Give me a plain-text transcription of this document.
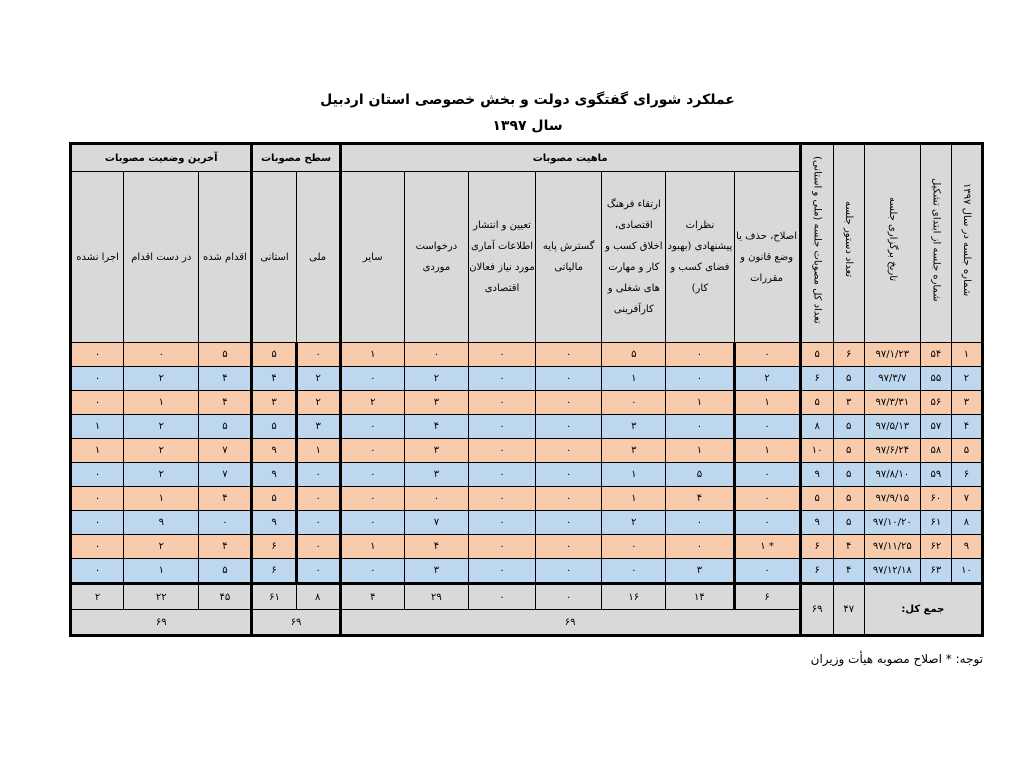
عملکرد شورای گفتگوی دولت و بخش خصوصی استان اردبیل
سال ۱۳۹۷
شماره جلسه در سال ۱۳۹۷	شماره جلسه از ابتدای تشکیل	تاریخ برگزاری جلسه	تعداد دستور جلسه	تعداد کل مصوبات جلسه (ملی و استانی)	ماهیت مصوبات							سطح مصوبات		آخرین وضعیت مصوبات		
					اصلاح، حذف یا وضع قانون و مقررات	نظرات پیشنهادی (بهبود فضای کسب و کار)	ارتقاء فرهنگ اقتصادی، اخلاق کسب و کار و مهارت های شغلی و کارآفرینی	گسترش پایه مالیاتی	تعیین و انتشار اطلاعات آماری مورد نیاز فعالان اقتصادی	درخواست موردی	سایر	ملی	استانی	اقدام شده	در دست اقدام	اجرا نشده
۱	۵۴	۹۷/۱/۲۳	۶	۵	۰	۰	۵	۰	۰	۰	۱	۰	۵	۵	۰	۰
۲	۵۵	۹۷/۳/۷	۵	۶	۲	۰	۱	۰	۰	۲	۰	۲	۴	۴	۲	۰
۳	۵۶	۹۷/۳/۳۱	۳	۵	۱	۱	۰	۰	۰	۳	۲	۲	۳	۴	۱	۰
۴	۵۷	۹۷/۵/۱۳	۵	۸	۰	۰	۳	۰	۰	۴	۰	۳	۵	۵	۲	۱
۵	۵۸	۹۷/۶/۲۴	۵	۱۰	۱	۱	۳	۰	۰	۳	۰	۱	۹	۷	۲	۱
۶	۵۹	۹۷/۸/۱۰	۵	۹	۰	۵	۱	۰	۰	۳	۰	۰	۹	۷	۲	۰
۷	۶۰	۹۷/۹/۱۵	۵	۵	۰	۴	۱	۰	۰	۰	۰	۰	۵	۴	۱	۰
۸	۶۱	۹۷/۱۰/۲۰	۵	۹	۰	۰	۲	۰	۰	۷	۰	۰	۹	۰	۹	۰
۹	۶۲	۹۷/۱۱/۲۵	۴	۶	* ۱	۰	۰	۰	۰	۴	۱	۰	۶	۴	۲	۰
۱۰	۶۳	۹۷/۱۲/۱۸	۴	۶	۰	۳	۰	۰	۰	۳	۰	۰	۶	۵	۱	۰
جمع کل:			۴۷	۶۹	۶	۱۴	۱۶	۰	۰	۲۹	۴	۸	۶۱	۴۵	۲۲	۲
					۶۹							۶۹		۶۹		
توجه: * اصلاح مصوبه هیأت وزیران
